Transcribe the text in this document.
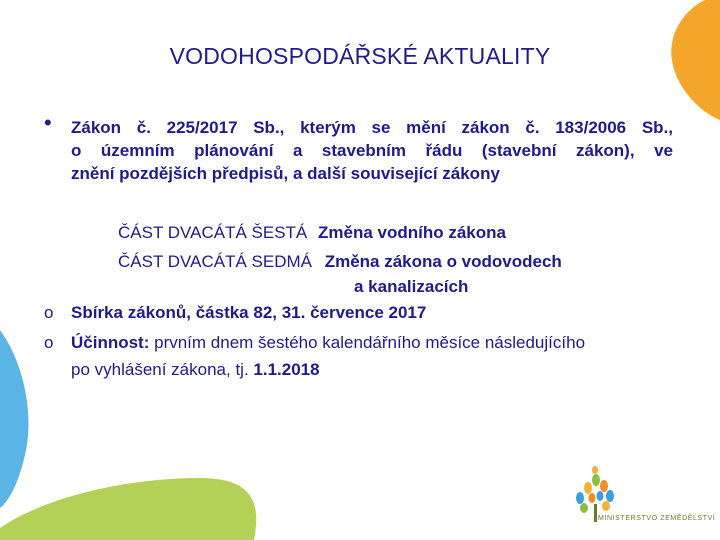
VODOHOSPODÁŘSKÉ AKTUALITY
• Zákon č. 225/2017 Sb., kterým se mění zákon č. 183/2006 Sb.,
o územním plánování a stavebním řádu (stavební zákon), ve
znění pozdějších předpisů, a další související zákony
ČÁST DVACÁTÁ ŠESTÁ Změna vodního zákona
ČÁST DVACÁTÁ SEDMÁ Změna zákona o vodovodech
a kanalizacích
o Sbírka zákonů, částka 82, 31. července 2017
o Účinnost: prvním dnem šestého kalendářního měsíce následujícího
po vyhlášení zákona, tj. 1.1.2018
MINISTERSTVO ZEMĚDĚLSTVÍ
